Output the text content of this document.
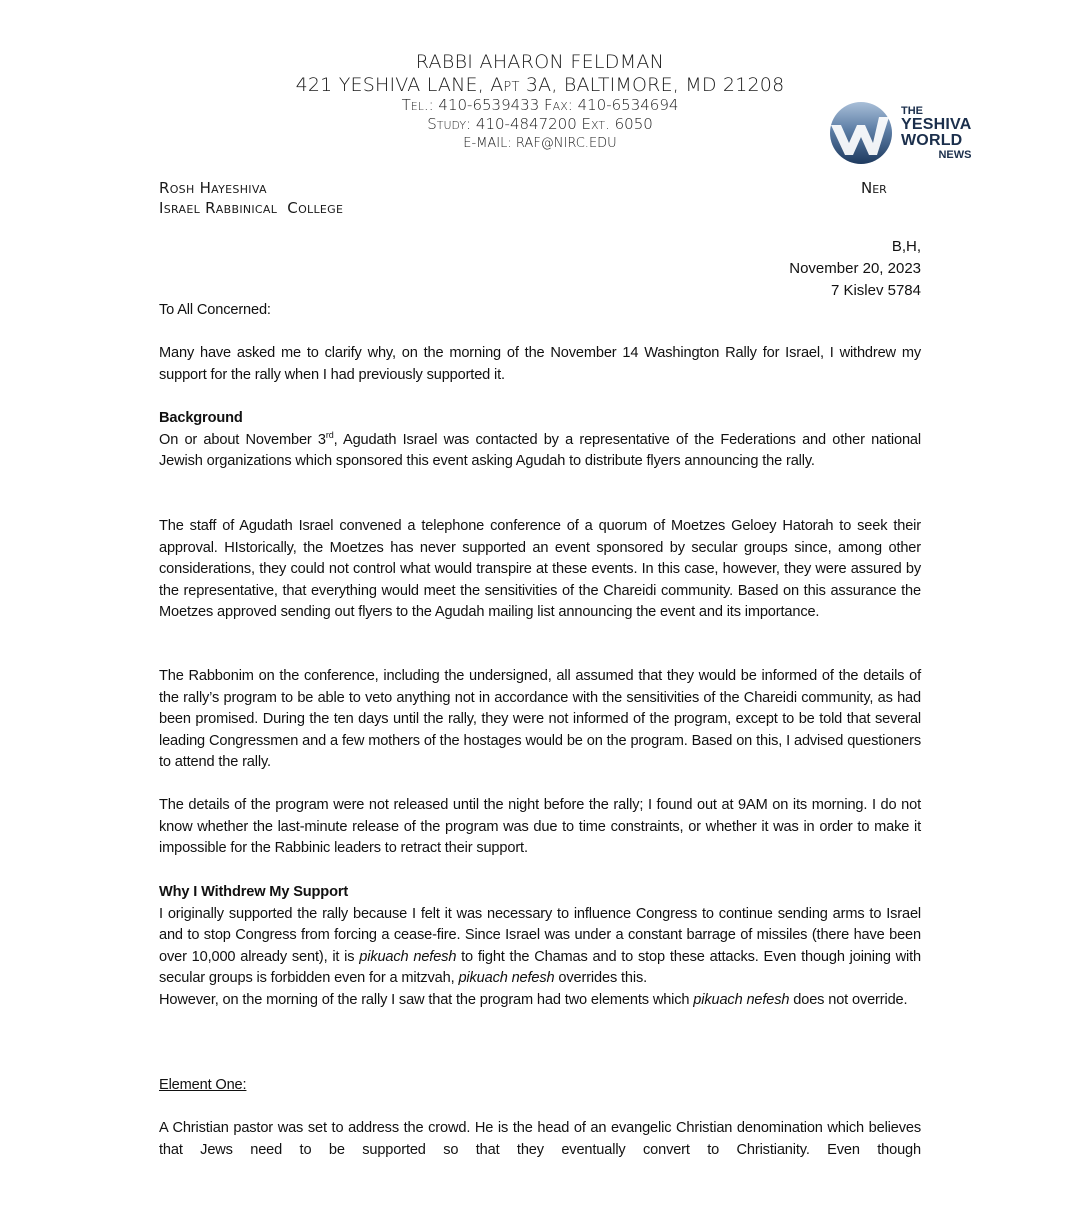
RABBI AHARON FELDMAN
421 YESHIVA LANE, Apt 3A, BALTIMORE, MD 21208
Tel.: 410-6539433 Fax: 410-6534694
Study: 410-4847200 Ext. 6050
E-MAIL: RAF@NIRC.EDU
THE
YESHIVA
WORLD
NEWS
Rosh Hayeshiva
Israel Rabbinical  College
Ner
B,H,
November 20, 2023
7 Kislev 5784

To All Concerned:

Many have asked me to clarify why, on the morning of the November 14 Washington Rally for Israel, I withdrew my support for the rally when I had previously supported it.

Background

On or about November 3rd, Agudath Israel was contacted by a representative of the Federations and other national Jewish organizations which sponsored this event asking Agudah to distribute flyers announcing the rally.

The staff of Agudath Israel convened a telephone conference of a quorum of Moetzes Geloey Hatorah to seek their approval. HIstorically, the Moetzes has never supported an event sponsored by secular groups since, among other considerations, they could not control what would transpire at these events. In this case, however, they were assured by the representative, that everything would meet the sensitivities of the Chareidi community. Based on this assurance the Moetzes approved sending out flyers to the Agudah mailing list announcing the event and its importance.

The Rabbonim on the conference, including the undersigned, all assumed that they would be informed of the details of the rally’s program to be able to veto anything not in accordance with the sensitivities of the Chareidi community, as had been promised. During the ten days until the rally, they were not informed of the program, except to be told that several leading Congressmen and a few mothers of the hostages would be on the program. Based on this, I advised questioners to attend the rally.

The details of the program were not released until the night before the rally; I found out at 9AM on its morning. I do not know whether the last-minute release of the program was due to time constraints, or whether it was in order to make it impossible for the Rabbinic leaders to retract their support.

Why I Withdrew My Support

I originally supported the rally because I felt it was necessary to influence Congress to continue sending arms to Israel and to stop Congress from forcing a cease-fire. Since Israel was under a constant barrage of missiles (there have been over 10,000 already sent), it is pikuach nefesh to fight the Chamas and to stop these attacks. Even though joining with secular groups is forbidden even for a mitzvah, pikuach nefesh overrides this.

However, on the morning of the rally I saw that the program had two elements which pikuach nefesh does not override.

Element One:

A Christian pastor was set to address the crowd. He is the head of an evangelic Christian denomination which believes that Jews need to be supported so that they eventually convert to Christianity. Even though
